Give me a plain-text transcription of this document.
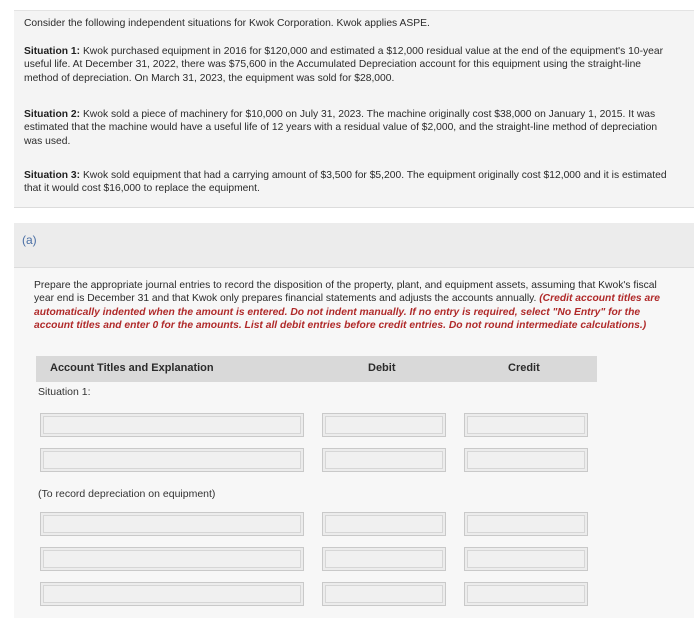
Consider the following independent situations for Kwok Corporation. Kwok applies ASPE.

Situation 1: Kwok purchased equipment in 2016 for $120,000 and estimated a $12,000 residual value at the end of the equipment's 10-year useful life. At December 31, 2022, there was $75,600 in the Accumulated Depreciation account for this equipment using the straight-line method of depreciation. On March 31, 2023, the equipment was sold for $28,000.

Situation 2: Kwok sold a piece of machinery for $10,000 on July 31, 2023. The machine originally cost $38,000 on January 1, 2015. It was estimated that the machine would have a useful life of 12 years with a residual value of $2,000, and the straight-line method of depreciation was used.

Situation 3: Kwok sold equipment that had a carrying amount of $3,500 for $5,200. The equipment originally cost $12,000 and it is estimated that it would cost $16,000 to replace the equipment.

(a)
Prepare the appropriate journal entries to record the disposition of the property, plant, and equipment assets, assuming that Kwok's fiscal year end is December 31 and that Kwok only prepares financial statements and adjusts the accounts annually. (Credit account titles are automatically indented when the amount is entered. Do not indent manually. If no entry is required, select "No Entry" for the account titles and enter 0 for the amounts. List all debit entries before credit entries. Do not round intermediate calculations.)
Account Titles and Explanation	Debit	Credit
Situation 1:
(To record depreciation on equipment)
